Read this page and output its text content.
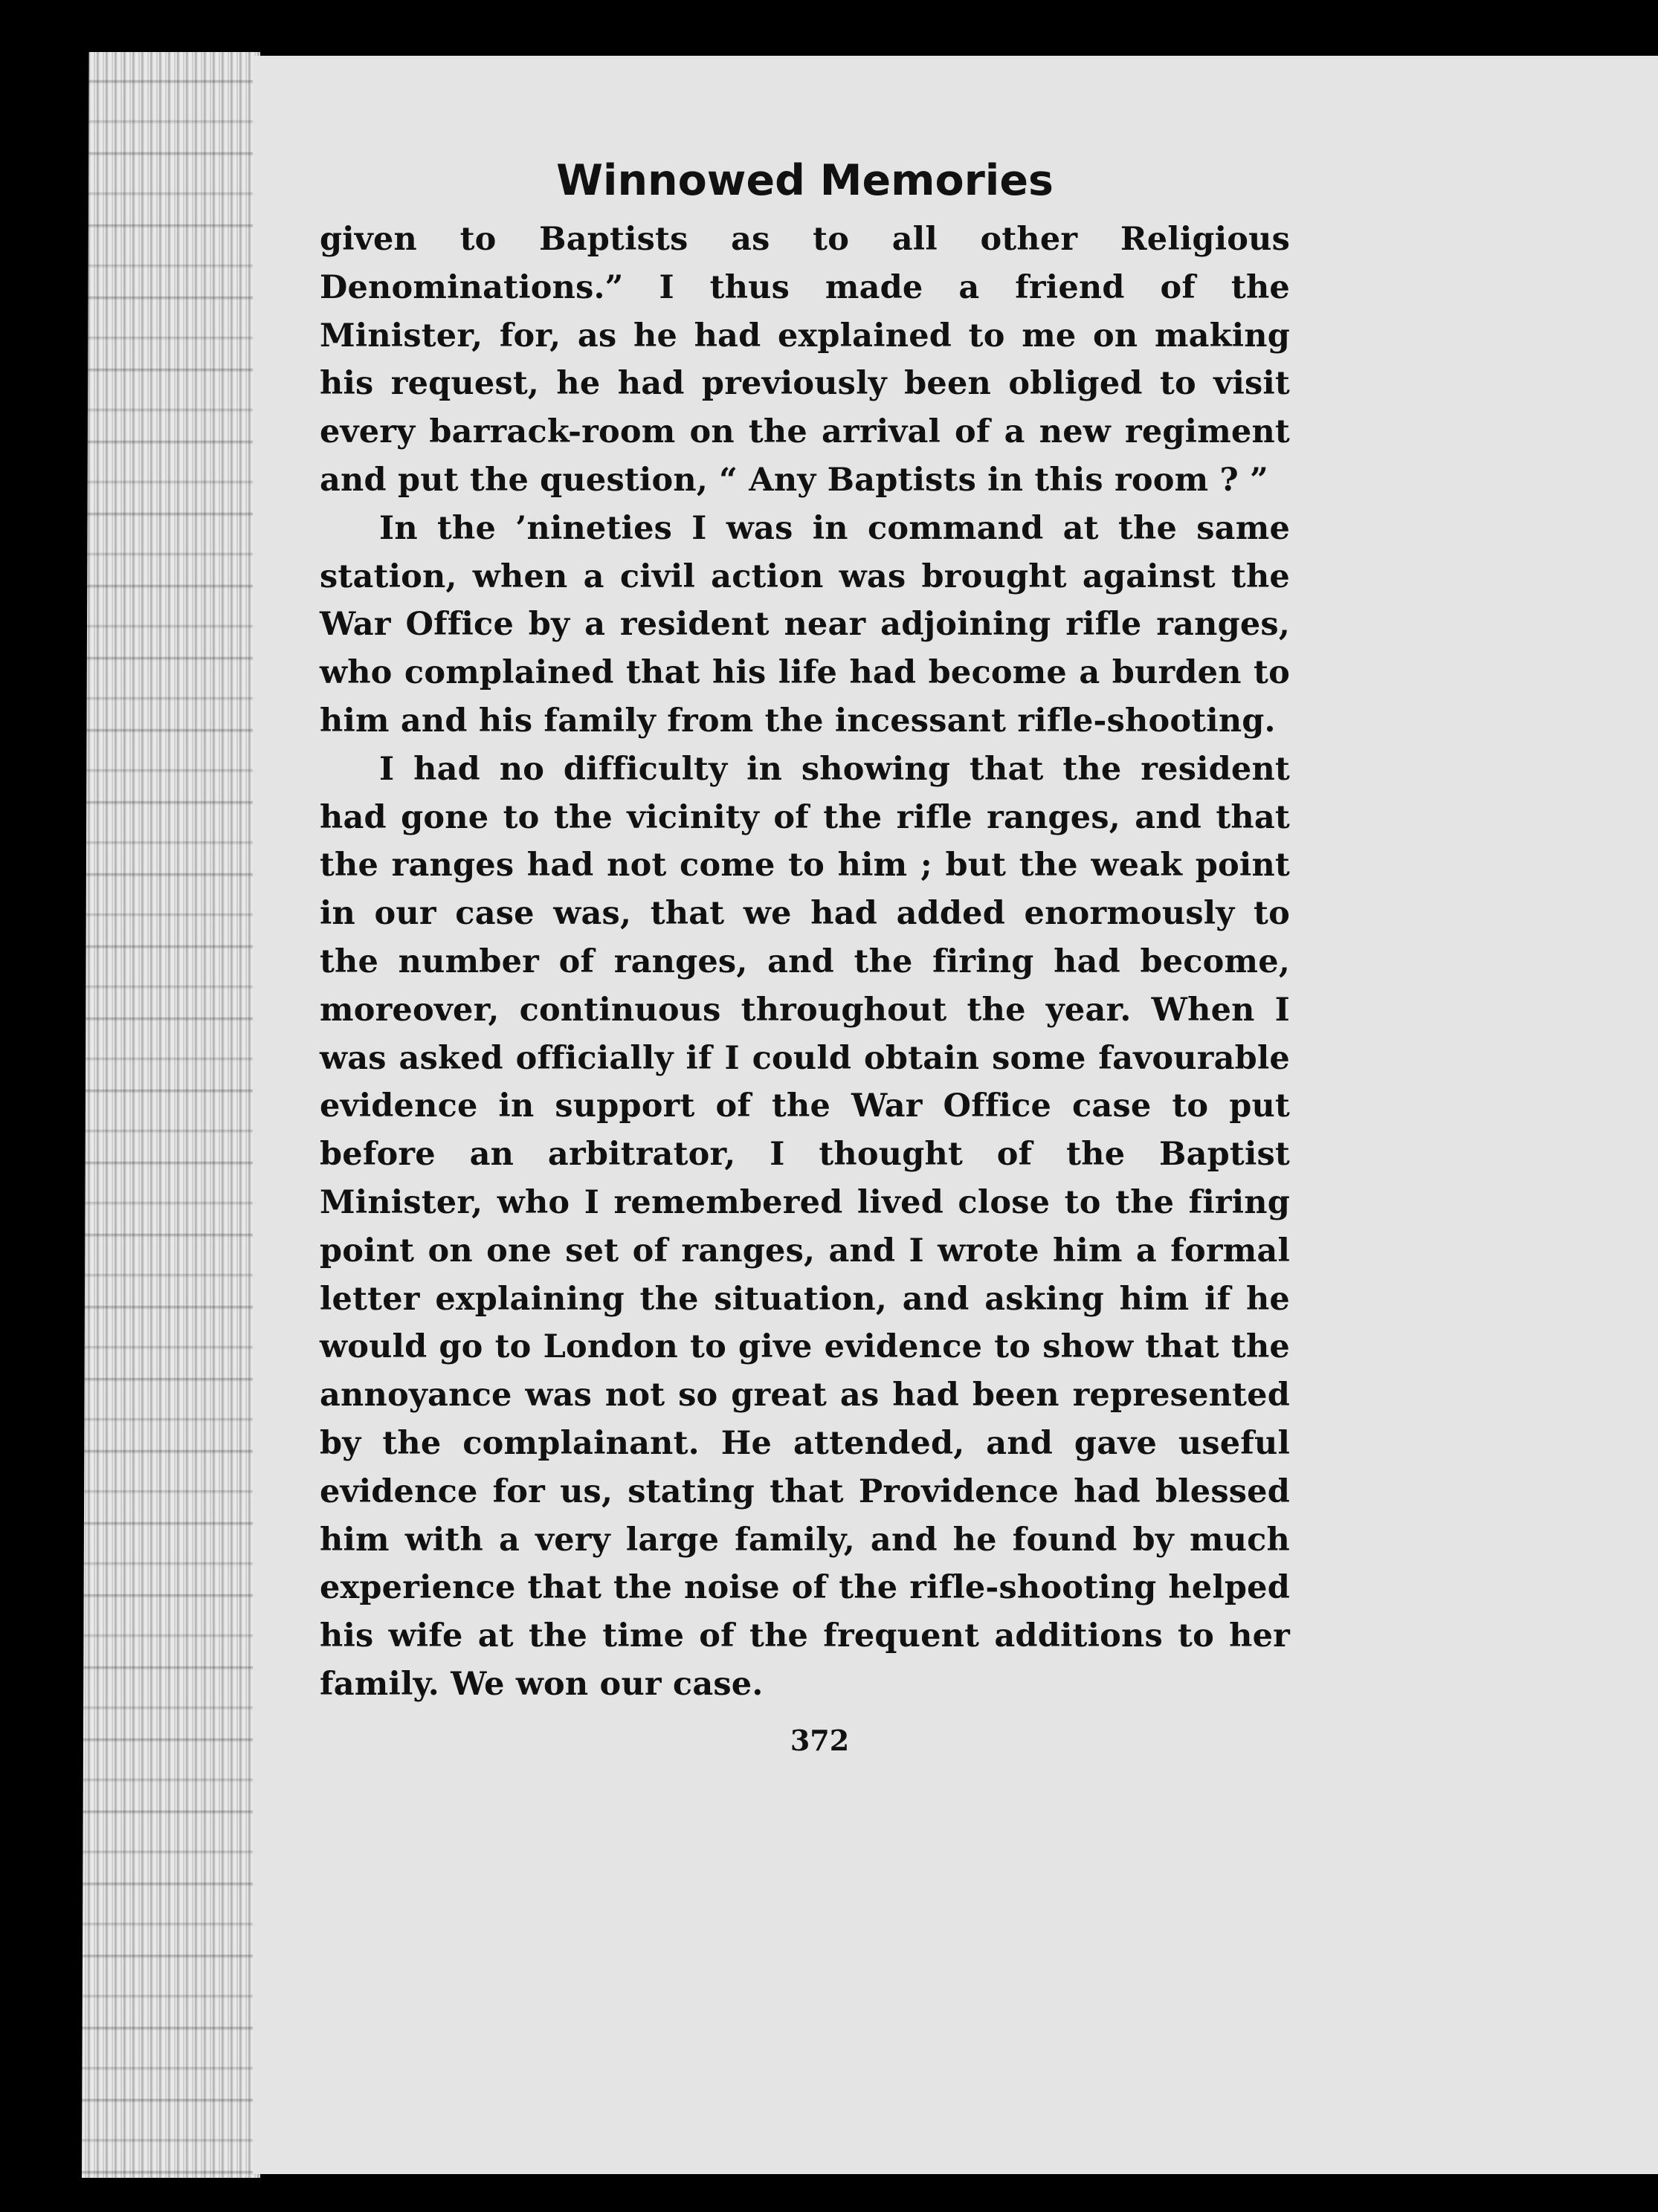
Winnowed Memories

given to Baptists as to all other Religious Denominations.” I thus made a friend of the Minister, for, as he had explained to me on making his request, he had previously been obliged to visit every barrack-room on the arrival of a new regiment and put the question, “ Any Baptists in this room ? ”

In the ’nineties I was in command at the same station, when a civil action was brought against the War Office by a resident near adjoining rifle ranges, who complained that his life had become a burden to him and his family from the incessant rifle-shooting.

I had no difficulty in showing that the resident had gone to the vicinity of the rifle ranges, and that the ranges had not come to him ; but the weak point in our case was, that we had added enormously to the number of ranges, and the firing had become, moreover, continuous throughout the year. When I was asked officially if I could obtain some favourable evidence in support of the War Office case to put before an arbitrator, I thought of the Baptist Minister, who I remembered lived close to the firing point on one set of ranges, and I wrote him a formal letter explaining the situation, and asking him if he would go to London to give evidence to show that the annoyance was not so great as had been represented by the complainant. He attended, and gave useful evidence for us, stating that Providence had blessed him with a very large family, and he found by much experience that the noise of the rifle-shooting helped his wife at the time of the frequent additions to her family. We won our case.

372
